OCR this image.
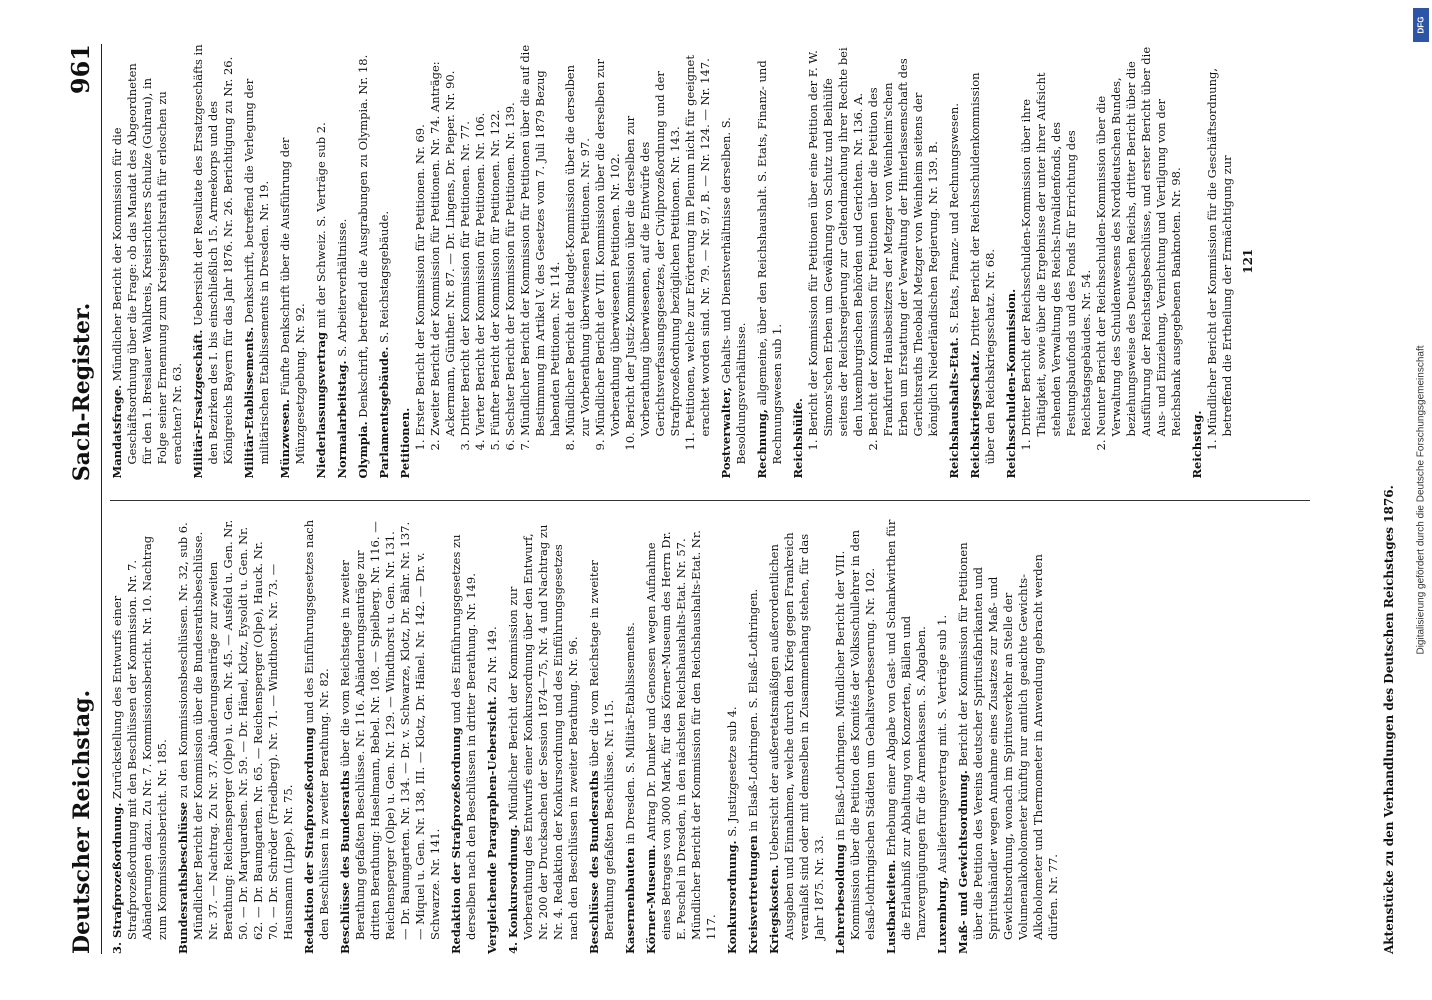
Deutscher Reichstag.
Sach-Register.
961
3. Strafprozeßordnung. Zurückstellung des Entwurfs einer Strafprozeßordnung mit den Beschlüssen der Kommission. Nr. 7. Abänderungen dazu. Zu Nr. 7. Kommissionsbericht. Nr. 10. Nachtrag zum Kommissionsbericht. Nr. 185. Bundesrathsbeschlüsse zu den Kommissionsbeschlüssen. Nr. 32, sub 6. Mündlicher Bericht der Kommission über die Bundesrathsbeschlüsse. Nr. 37. — Nachtrag. Zu Nr. 37. Abänderungsanträge zur zweiten Berathung: Reichensperger (Olpe) u. Gen. Nr. 45. — Ausfeld u. Gen. Nr. 50. — Dr. Marquardsen. Nr. 59. — Dr. Hänel, Klotz, Eysoldt u. Gen. Nr. 62. — Dr. Baumgarten. Nr. 65. — Reichensperger (Olpe), Hauck. Nr. 70. — Dr. Schröder (Friedberg). Nr. 71. — Windthorst. Nr. 73. — Hausmann (Lippe). Nr. 75. Redaktion der Strafprozeßordnung und des Einführungsgesetzes nach den Beschlüssen in zweiter Berathung. Nr. 82. Beschlüsse des Bundesraths über die vom Reichstage in zweiter Berathung gefaßten Beschlüsse. Nr. 116. Abänderungsanträge zur dritten Berathung: Haselmann, Bebel. Nr. 108. — Spielberg. Nr. 116. — Reichensperger (Olpe) u. Gen. Nr. 129. — Windthorst u. Gen. Nr. 131. — Dr. Baumgarten. Nr. 134. — Dr. v. Schwarze, Klotz, Dr. Bähr. Nr. 137. — Miquel u. Gen. Nr. 138, III. — Klotz, Dr. Hänel. Nr. 142. — Dr. v. Schwarze. Nr. 141. Redaktion der Strafprozeßordnung und des Einführungsgesetzes zu derselben nach den Beschlüssen in dritter Berathung. Nr. 149. Vergleichende Paragraphen-Uebersicht. Zu Nr. 149.
4. Konkursordnung. Mündlicher Bericht der Kommission zur Vorberathung des Entwurfs einer Konkursordnung über den Entwurf, Nr. 200 der Drucksachen der Session 1874—75, Nr. 4 und Nachtrag zu Nr. 4. Redaktion der Konkursordnung und des Einführungsgesetzes nach den Beschlüssen in zweiter Berathung. Nr. 96. Beschlüsse des Bundesraths über die vom Reichstage in zweiter Berathung gefaßten Beschlüsse. Nr. 115. Kasernenbauten in Dresden. S. Militär-Etablissements.
Körner-Museum. Antrag Dr. Dunker und Genossen wegen Aufnahme eines Betrages von 3000 Mark, für das Körner-Museum des Herrn Dr. E. Peschel in Dresden, in den nächsten Reichshaushalts-Etat. Nr. 57. Mündlicher Bericht der Kommission für den Reichshaushalts-Etat. Nr. 117. Konkursordnung. S. Justizgesetze sub 4.
Kreisvertretungen in Elsaß-Lothringen. S. Elsaß-Lothringen.
Kriegskosten. Uebersicht der außeretatsmäßigen außerordentlichen Ausgaben und Einnahmen, welche durch den Krieg gegen Frankreich veranlaßt sind oder mit demselben in Zusammenhang stehen, für das Jahr 1875. Nr. 33. Lehrerbesoldung in Elsaß-Lothringen. Mündlicher Bericht der VIII. Kommission über die Petition des Komités der Volksschullehrer in den elsaß-lothringischen Städten um Gehaltsverbesserung. Nr. 102. Lustbarkeiten. Erhebung einer Abgabe von Gast- und Schankwirthen für die Erlaubniß zur Abhaltung von Konzerten, Bällen und Tanzvergnügungen für die Armenkassen. S. Abgaben. Luxemburg, Auslieferungsvertrag mit. S. Verträge sub 1. Maß- und Gewichtsordnung. Bericht der Kommission für Petitionen über die Petition des Vereins deutscher Spiritusfabrikanten und Spiritushändler wegen Annahme eines Zusatzes zur Maß- und Gewichtsordnung, wonach im Spiritusverkehr an Stelle der Volumenalkoholometer künftig nur amtlich geaichte Gewichts-Alkoholometer und Thermometer in Anwendung gebracht werden dürfen. Nr. 77.
Mandatsfrage. Mündlicher Bericht der Kommission für die Geschäftsordnung über die Frage: ob das Mandat des Abgeordneten für den 1. Breslauer Wahlkreis, Kreisrichters Schulze (Guhrau), in Folge seiner Ernennung zum Kreisgerichtsrath für erloschen zu erachten? Nr. 63. Militär-Ersatzgeschäft. Uebersicht der Resultate des Ersatzgeschäfts in den Bezirken des I. bis einschließlich 15. Armeekorps und des Königreichs Bayern für das Jahr 1876. Nr. 26. Berichtigung zu Nr. 26. Militär-Etablissements. Denkschrift, betreffend die Verlegung der militärischen Etablissements in Dresden. Nr. 19. Münzwesen. Fünfte Denkschrift über die Ausführung der Münzgesetzgebung. Nr. 92. Niederlassungsvertrag mit der Schweiz. S. Verträge sub 2.
Normalarbeitstag. S. Arbeiterverhältnisse.
Olympia. Denkschrift, betreffend die Ausgrabungen zu Olympia. Nr. 18. Parlamentsgebäude. S. Reichstagsgebäude.
Petitionen. 1. Erster Bericht der Kommission für Petitionen. Nr. 69. 2. Zweiter Bericht der Kommission für Petitionen. Nr. 74. Anträge: Ackermann, Günther. Nr. 87. — Dr. Lingens, Dr. Pieper. Nr. 90. 3. Dritter Bericht der Kommission für Petitionen. Nr. 77. 4. Vierter Bericht der Kommission für Petitionen. Nr. 106. 5. Fünfter Bericht der Kommission für Petitionen. Nr. 122. 6. Sechster Bericht der Kommission für Petitionen. Nr. 139. 7. Mündlicher Bericht der Kommission für Petitionen über die auf die Bestimmung im Artikel V. des Gesetzes vom 7. Juli 1879 Bezug habenden Petitionen. Nr. 114. 8. Mündlicher Bericht der Budget-Kommission über die derselben zur Vorberathung überwiesenen Petitionen. Nr. 97. 9. Mündlicher Bericht der VIII. Kommission über die derselben zur Vorberathung überwiesenen Petitionen. Nr. 102. 10. Bericht der Justiz-Kommission über die derselben zur Vorberathung überwiesenen, auf die Entwürfe des Gerichtsverfassungsgesetzes, der Civilprozeßordnung und der Strafprozeßordnung bezüglichen Petitionen. Nr. 143. 11. Petitionen, welche zur Erörterung im Plenum nicht für geeignet erachtet worden sind. Nr. 79. — Nr. 97, B. — Nr. 124. — Nr. 147. Postverwalter, Gehalts- und Dienstverhältnisse derselben. S. Besoldungsverhältnisse. Rechnung, allgemeine, über den Reichshaushalt. S. Etats, Finanz- und Rechnungswesen sub 1. Reichshülfe. 1. Bericht der Kommission für Petitionen über eine Petition der F. W. Simons'schen Erben um Gewährung von Schutz und Beihülfe seitens der Reichsregierung zur Geltendmachung ihrer Rechte bei den luxemburgischen Behörden und Gerichten. Nr. 136. A. 2. Bericht der Kommission für Petitionen über die Petition des Frankfurter Hausbesitzers der Metzger von Weinheim'schen Erben um Erstattung der Verwaltung der Hinterlassenschaft des Gerichtsraths Theobald Metzger von Weinheim seitens der königlich Niederländischen Regierung. Nr. 139. B. Reichshaushalts-Etat. S. Etats, Finanz- und Rechnungswesen.
Reichskriegsschatz. Dritter Bericht der Reichsschuldenkommission über den Reichskriegsschatz. Nr. 68. Reichsschulden-Kommission. 1. Dritter Bericht der Reichsschulden-Kommission über ihre Thätigkeit, sowie über die Ergebnisse der unter ihrer Aufsicht stehenden Verwaltung des Reichs-Invalidenfonds, des Festungsbaufonds und des Fonds für Errichtung des Reichstagsgebäudes. Nr. 54. 2. Neunter Bericht der Reichsschulden-Kommission über die Verwaltung des Schuldenwesens des Norddeutschen Bundes, beziehungsweise des Deutschen Reichs, dritter Bericht über die Ausführung der Reichstagsbeschlüsse, und erster Bericht über die Aus- und Einziehung, Vernichtung und Vertilgung von der Reichsbank ausgegebenen Banknoten. Nr. 98.
Reichstag. 1. Mündlicher Bericht der Kommission für die Geschäftsordnung, betreffend die Ertheilung der Ermächtigung zur 121
Aktenstücke zu den Verhandlungen des Deutschen Reichstages 1876.
DFG
Digitalisierung gefördert durch die Deutsche Forschungsgemeinschaft
